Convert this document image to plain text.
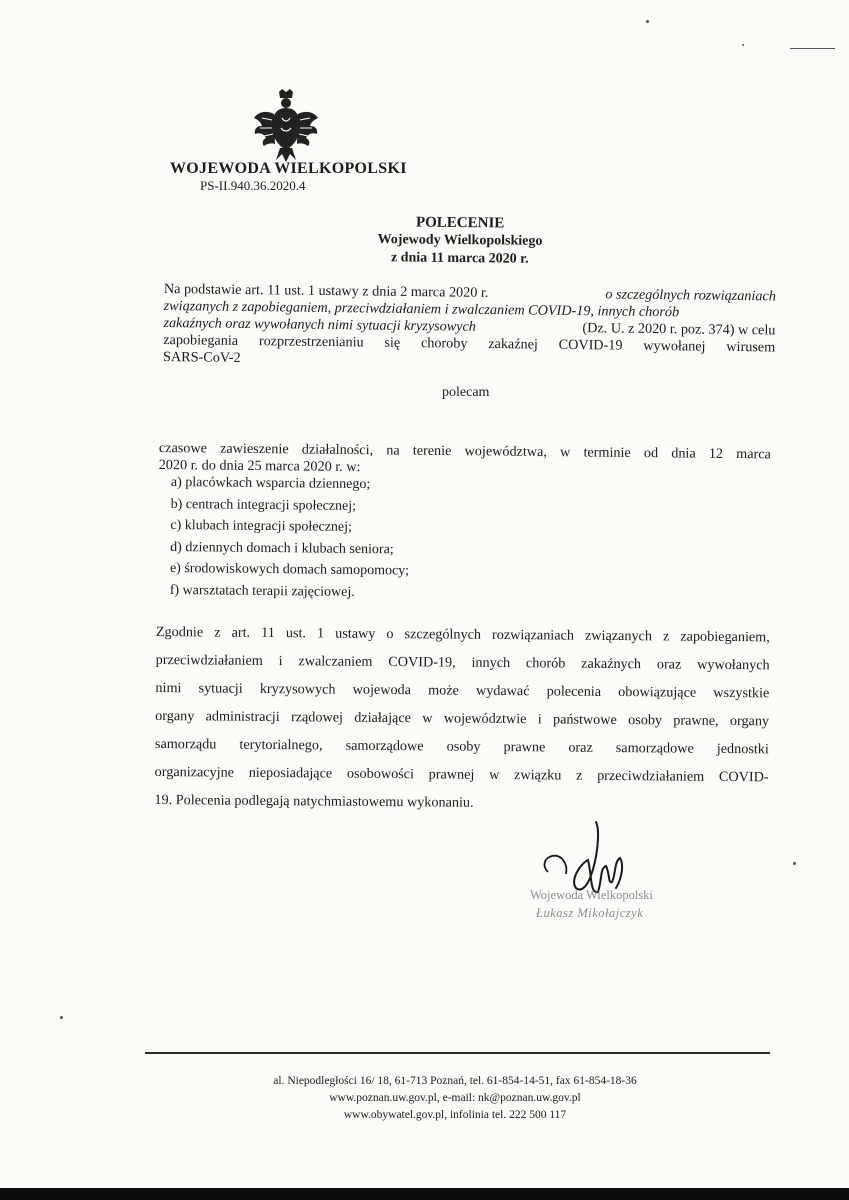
WOJEWODA WIELKOPOLSKI
PS-II.940.36.2020.4
POLECENIE
Wojewody Wielkopolskiego
z dnia 11 marca 2020 r.
Na podstawie art. 11 ust. 1 ustawy z dnia 2 marca 2020 r.	o szczególnych rozwiązaniach
związanych z zapobieganiem, przeciwdziałaniem i zwalczaniem COVID-19, innych chorób
zakaźnych oraz wywołanych nimi sytuacji kryzysowych	(Dz. U. z 2020 r. poz. 374) w celu
zapobiegania rozprzestrzenianiu się choroby zakaźnej COVID-19 wywołanej wirusem
SARS-CoV-2
polecam
czasowe zawieszenie działalności, na terenie województwa, w terminie od dnia 12 marca
2020 r. do dnia 25 marca 2020 r. w:
a) placówkach wsparcia dziennego;
b) centrach integracji społecznej;
c) klubach integracji społecznej;
d) dziennych domach i klubach seniora;
e) środowiskowych domach samopomocy;
f) warsztatach terapii zajęciowej.
Zgodnie z art. 11 ust. 1 ustawy o szczególnych rozwiązaniach związanych z zapobieganiem,
przeciwdziałaniem i zwalczaniem COVID-19, innych chorób zakaźnych oraz wywołanych
nimi sytuacji kryzysowych wojewoda może wydawać polecenia obowiązujące wszystkie
organy administracji rządowej działające w województwie i państwowe osoby prawne, organy
samorządu terytorialnego, samorządowe osoby prawne oraz samorządowe jednostki
organizacyjne nieposiadające osobowości prawnej w związku z przeciwdziałaniem COVID-
19. Polecenia podlegają natychmiastowemu wykonaniu.
Wojewoda Wielkopolski
Łukasz Mikołajczyk
al. Niepodległości 16/ 18, 61-713 Poznań, tel. 61-854-14-51, fax 61-854-18-36
www.poznan.uw.gov.pl, e-mail: nk@poznan.uw.gov.pl
www.obywatel.gov.pl, infolinia tel. 222 500 117
